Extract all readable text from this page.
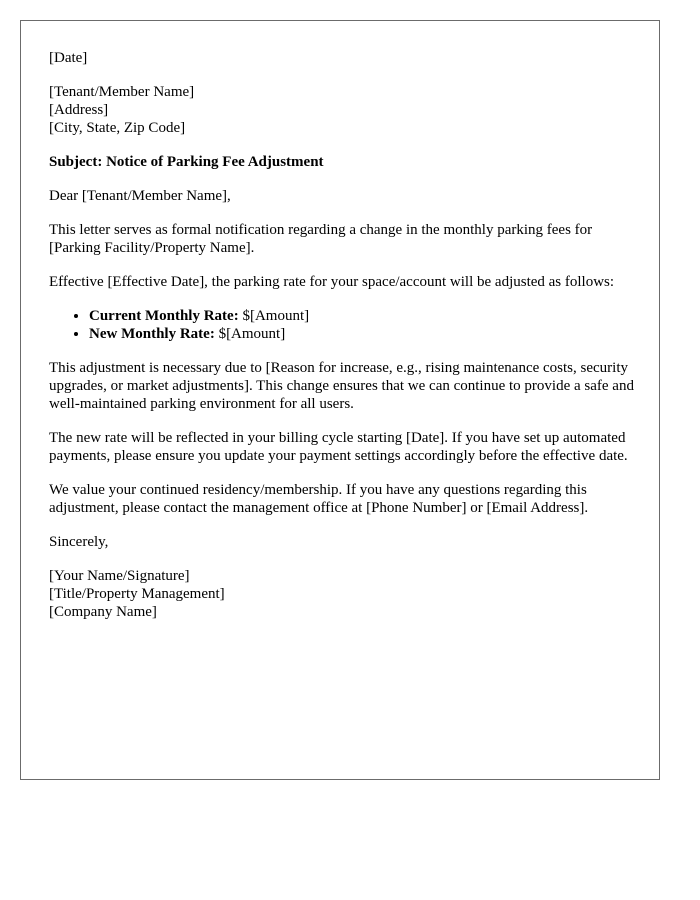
[Date]

[Tenant/Member Name]
[Address]
[City, State, Zip Code]

Subject: Notice of Parking Fee Adjustment

Dear [Tenant/Member Name],

This letter serves as formal notification regarding a change in the monthly parking fees for [Parking Facility/Property Name].

Effective [Effective Date], the parking rate for your space/account will be adjusted as follows:

• Current Monthly Rate: $[Amount]
• New Monthly Rate: $[Amount]

This adjustment is necessary due to [Reason for increase, e.g., rising maintenance costs, security upgrades, or market adjustments]. This change ensures that we can continue to provide a safe and well-maintained parking environment for all users.

The new rate will be reflected in your billing cycle starting [Date]. If you have set up automated payments, please ensure you update your payment settings accordingly before the effective date.

We value your continued residency/membership. If you have any questions regarding this adjustment, please contact the management office at [Phone Number] or [Email Address].

Sincerely,

[Your Name/Signature]
[Title/Property Management]
[Company Name]
